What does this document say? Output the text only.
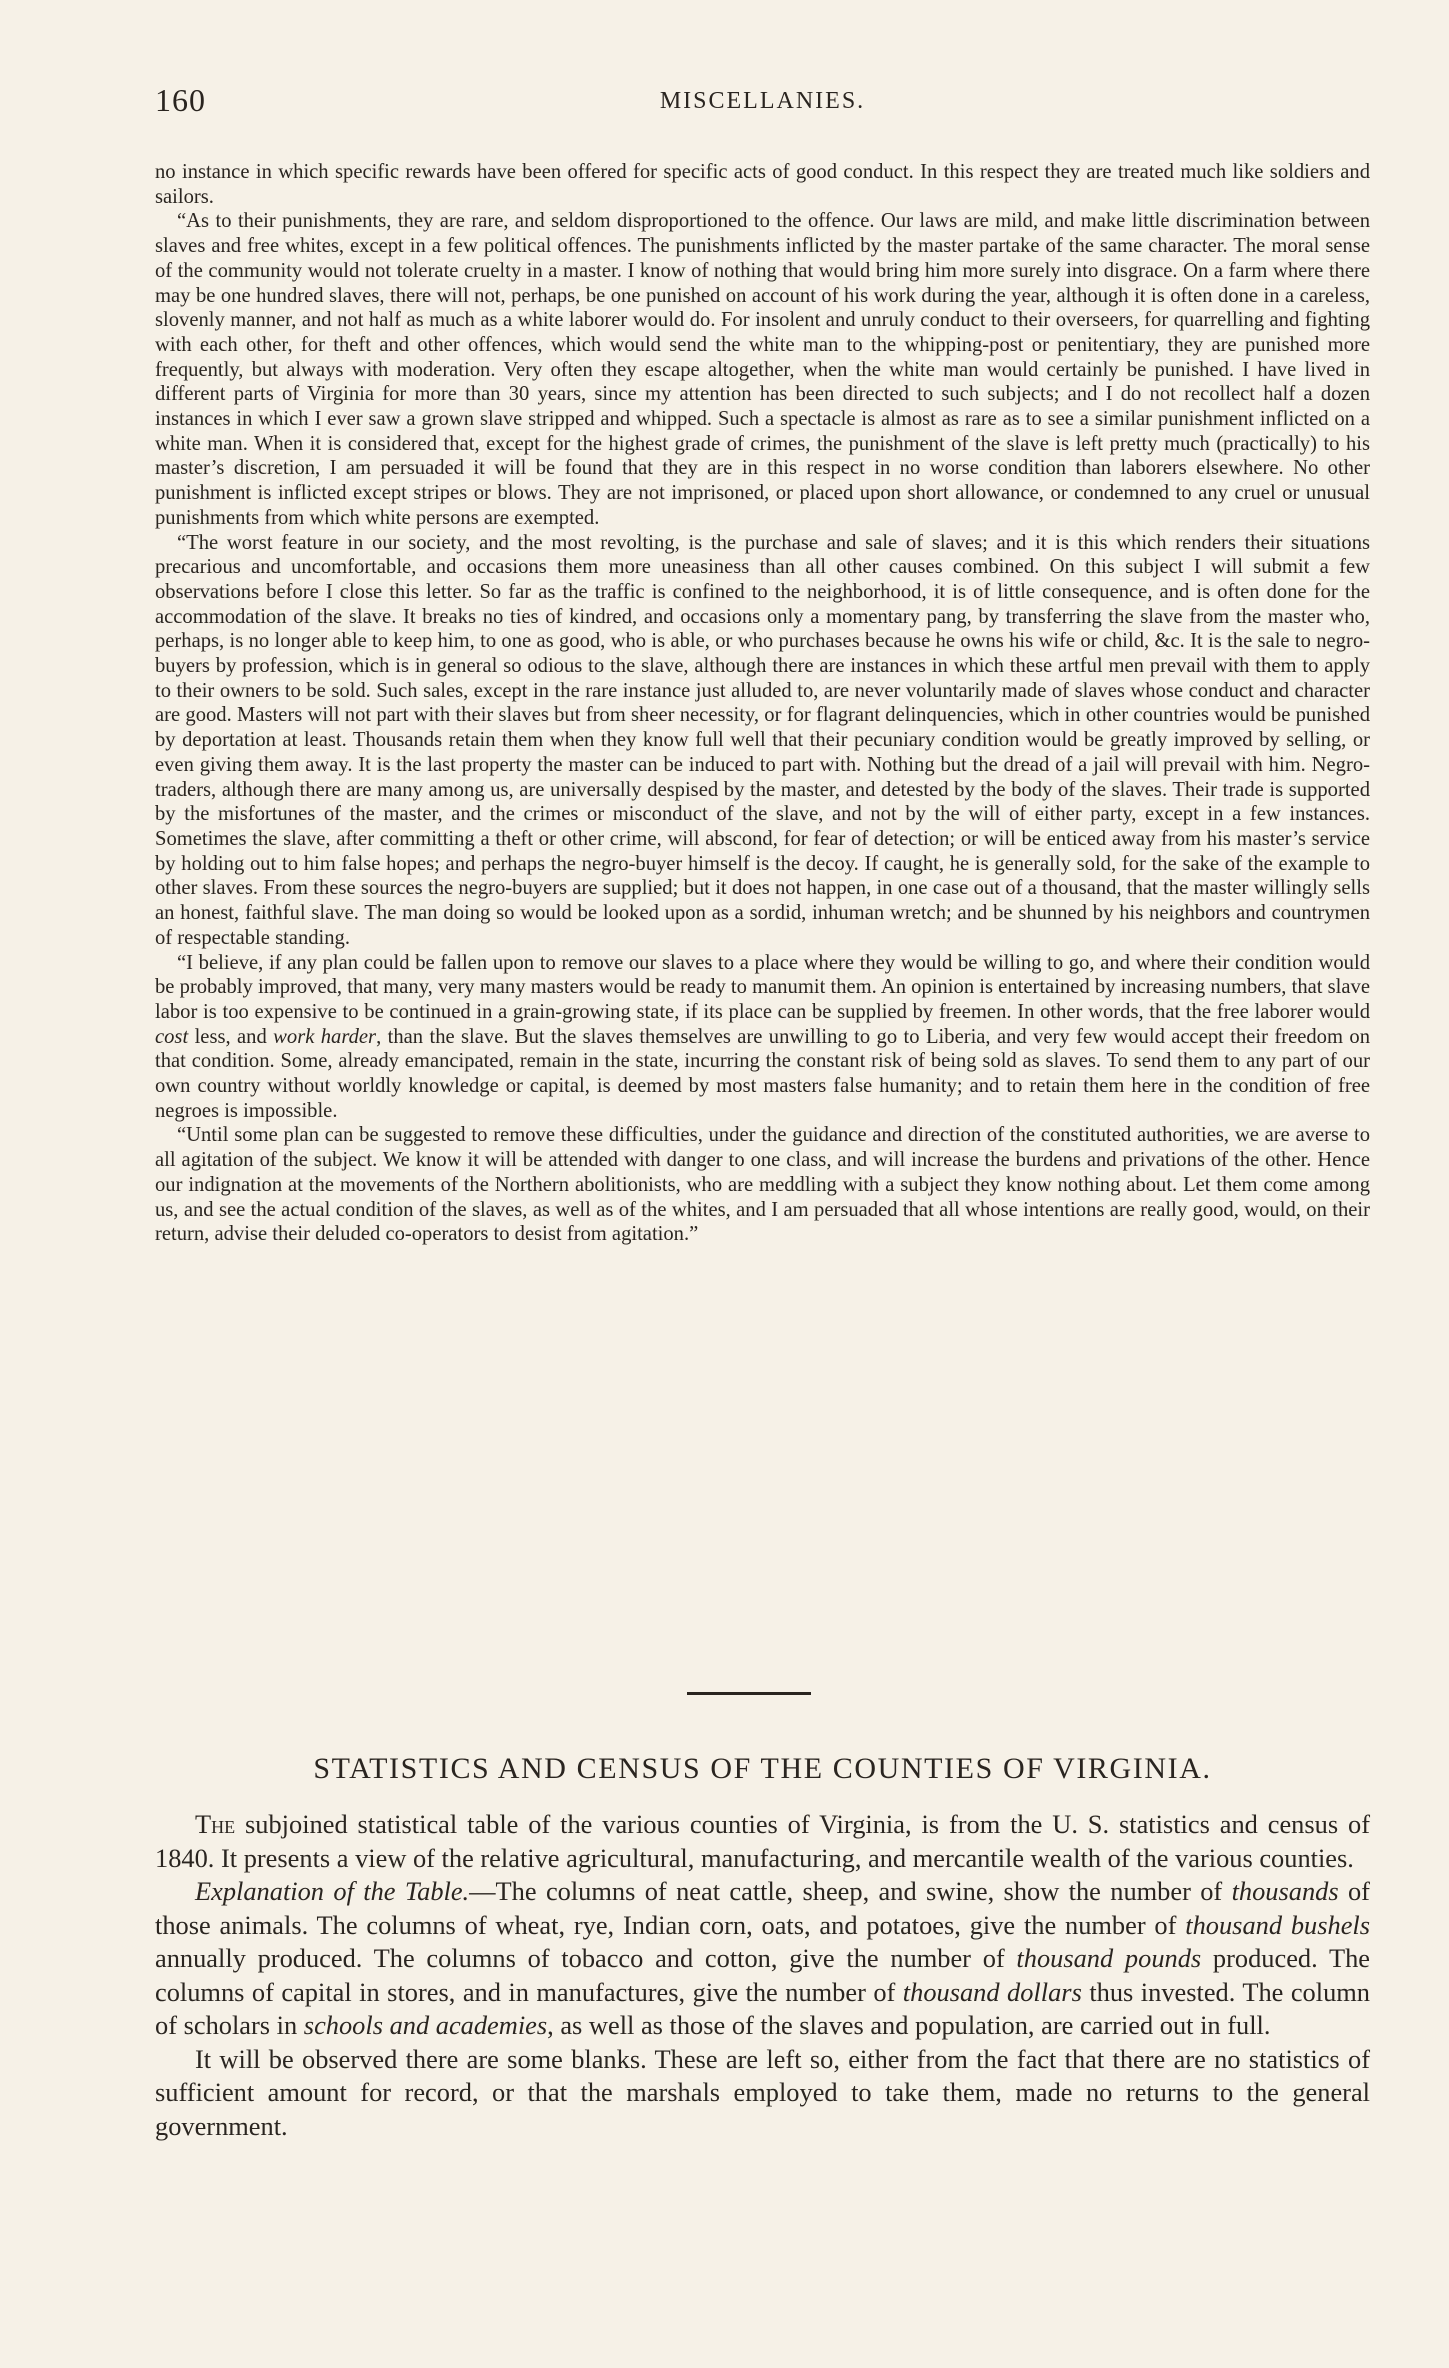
160	MISCELLANIES.

no instance in which specific rewards have been offered for specific acts of good conduct. In this respect they are treated much like soldiers and sailors.

“As to their punishments, they are rare, and seldom disproportioned to the offence. Our laws are mild, and make little discrimination between slaves and free whites, except in a few political offences. The punishments inflicted by the master partake of the same character. The moral sense of the community would not tolerate cruelty in a master. I know of nothing that would bring him more surely into disgrace. On a farm where there may be one hundred slaves, there will not, perhaps, be one punished on account of his work during the year, although it is often done in a careless, slovenly manner, and not half as much as a white laborer would do. For insolent and unruly conduct to their overseers, for quarrelling and fighting with each other, for theft and other offences, which would send the white man to the whipping-post or penitentiary, they are punished more frequently, but always with moderation. Very often they escape altogether, when the white man would certainly be punished. I have lived in different parts of Virginia for more than 30 years, since my attention has been directed to such subjects; and I do not recollect half a dozen instances in which I ever saw a grown slave stripped and whipped. Such a spectacle is almost as rare as to see a similar punishment inflicted on a white man. When it is considered that, except for the highest grade of crimes, the punishment of the slave is left pretty much (practically) to his master’s discretion, I am persuaded it will be found that they are in this respect in no worse condition than laborers elsewhere. No other punishment is inflicted except stripes or blows. They are not imprisoned, or placed upon short allowance, or condemned to any cruel or unusual punishments from which white persons are exempted.

“The worst feature in our society, and the most revolting, is the purchase and sale of slaves; and it is this which renders their situations precarious and uncomfortable, and occasions them more uneasiness than all other causes combined. On this subject I will submit a few observations before I close this letter. So far as the traffic is confined to the neighborhood, it is of little consequence, and is often done for the accommodation of the slave. It breaks no ties of kindred, and occasions only a momentary pang, by transferring the slave from the master who, perhaps, is no longer able to keep him, to one as good, who is able, or who purchases because he owns his wife or child, &c. It is the sale to negro-buyers by profession, which is in general so odious to the slave, although there are instances in which these artful men prevail with them to apply to their owners to be sold. Such sales, except in the rare instance just alluded to, are never voluntarily made of slaves whose conduct and character are good. Masters will not part with their slaves but from sheer necessity, or for flagrant delinquencies, which in other countries would be punished by deportation at least. Thousands retain them when they know full well that their pecuniary condition would be greatly improved by selling, or even giving them away. It is the last property the master can be induced to part with. Nothing but the dread of a jail will prevail with him. Negro-traders, although there are many among us, are universally despised by the master, and detested by the body of the slaves. Their trade is supported by the misfortunes of the master, and the crimes or misconduct of the slave, and not by the will of either party, except in a few instances. Sometimes the slave, after committing a theft or other crime, will abscond, for fear of detection; or will be enticed away from his master’s service by holding out to him false hopes; and perhaps the negro-buyer himself is the decoy. If caught, he is generally sold, for the sake of the example to other slaves. From these sources the negro-buyers are supplied; but it does not happen, in one case out of a thousand, that the master willingly sells an honest, faithful slave. The man doing so would be looked upon as a sordid, inhuman wretch; and be shunned by his neighbors and countrymen of respectable standing.

“I believe, if any plan could be fallen upon to remove our slaves to a place where they would be willing to go, and where their condition would be probably improved, that many, very many masters would be ready to manumit them. An opinion is entertained by increasing numbers, that slave labor is too expensive to be continued in a grain-growing state, if its place can be supplied by freemen. In other words, that the free laborer would cost less, and work harder, than the slave. But the slaves themselves are unwilling to go to Liberia, and very few would accept their freedom on that condition. Some, already emancipated, remain in the state, incurring the constant risk of being sold as slaves. To send them to any part of our own country without worldly knowledge or capital, is deemed by most masters false humanity; and to retain them here in the condition of free negroes is impossible.

“Until some plan can be suggested to remove these difficulties, under the guidance and direction of the constituted authorities, we are averse to all agitation of the subject. We know it will be attended with danger to one class, and will increase the burdens and privations of the other. Hence our indignation at the movements of the Northern abolitionists, who are meddling with a subject they know nothing about. Let them come among us, and see the actual condition of the slaves, as well as of the whites, and I am persuaded that all whose intentions are really good, would, on their return, advise their deluded co-operators to desist from agitation.”

STATISTICS AND CENSUS OF THE COUNTIES OF VIRGINIA.

The subjoined statistical table of the various counties of Virginia, is from the U. S. statistics and census of 1840. It presents a view of the relative agricultural, manufacturing, and mercantile wealth of the various counties.

Explanation of the Table.—The columns of neat cattle, sheep, and swine, show the number of thousands of those animals. The columns of wheat, rye, Indian corn, oats, and potatoes, give the number of thousand bushels annually produced. The columns of tobacco and cotton, give the number of thousand pounds produced. The columns of capital in stores, and in manufactures, give the number of thousand dollars thus invested. The column of scholars in schools and academies, as well as those of the slaves and population, are carried out in full.

It will be observed there are some blanks. These are left so, either from the fact that there are no statistics of sufficient amount for record, or that the marshals employed to take them, made no returns to the general government.
